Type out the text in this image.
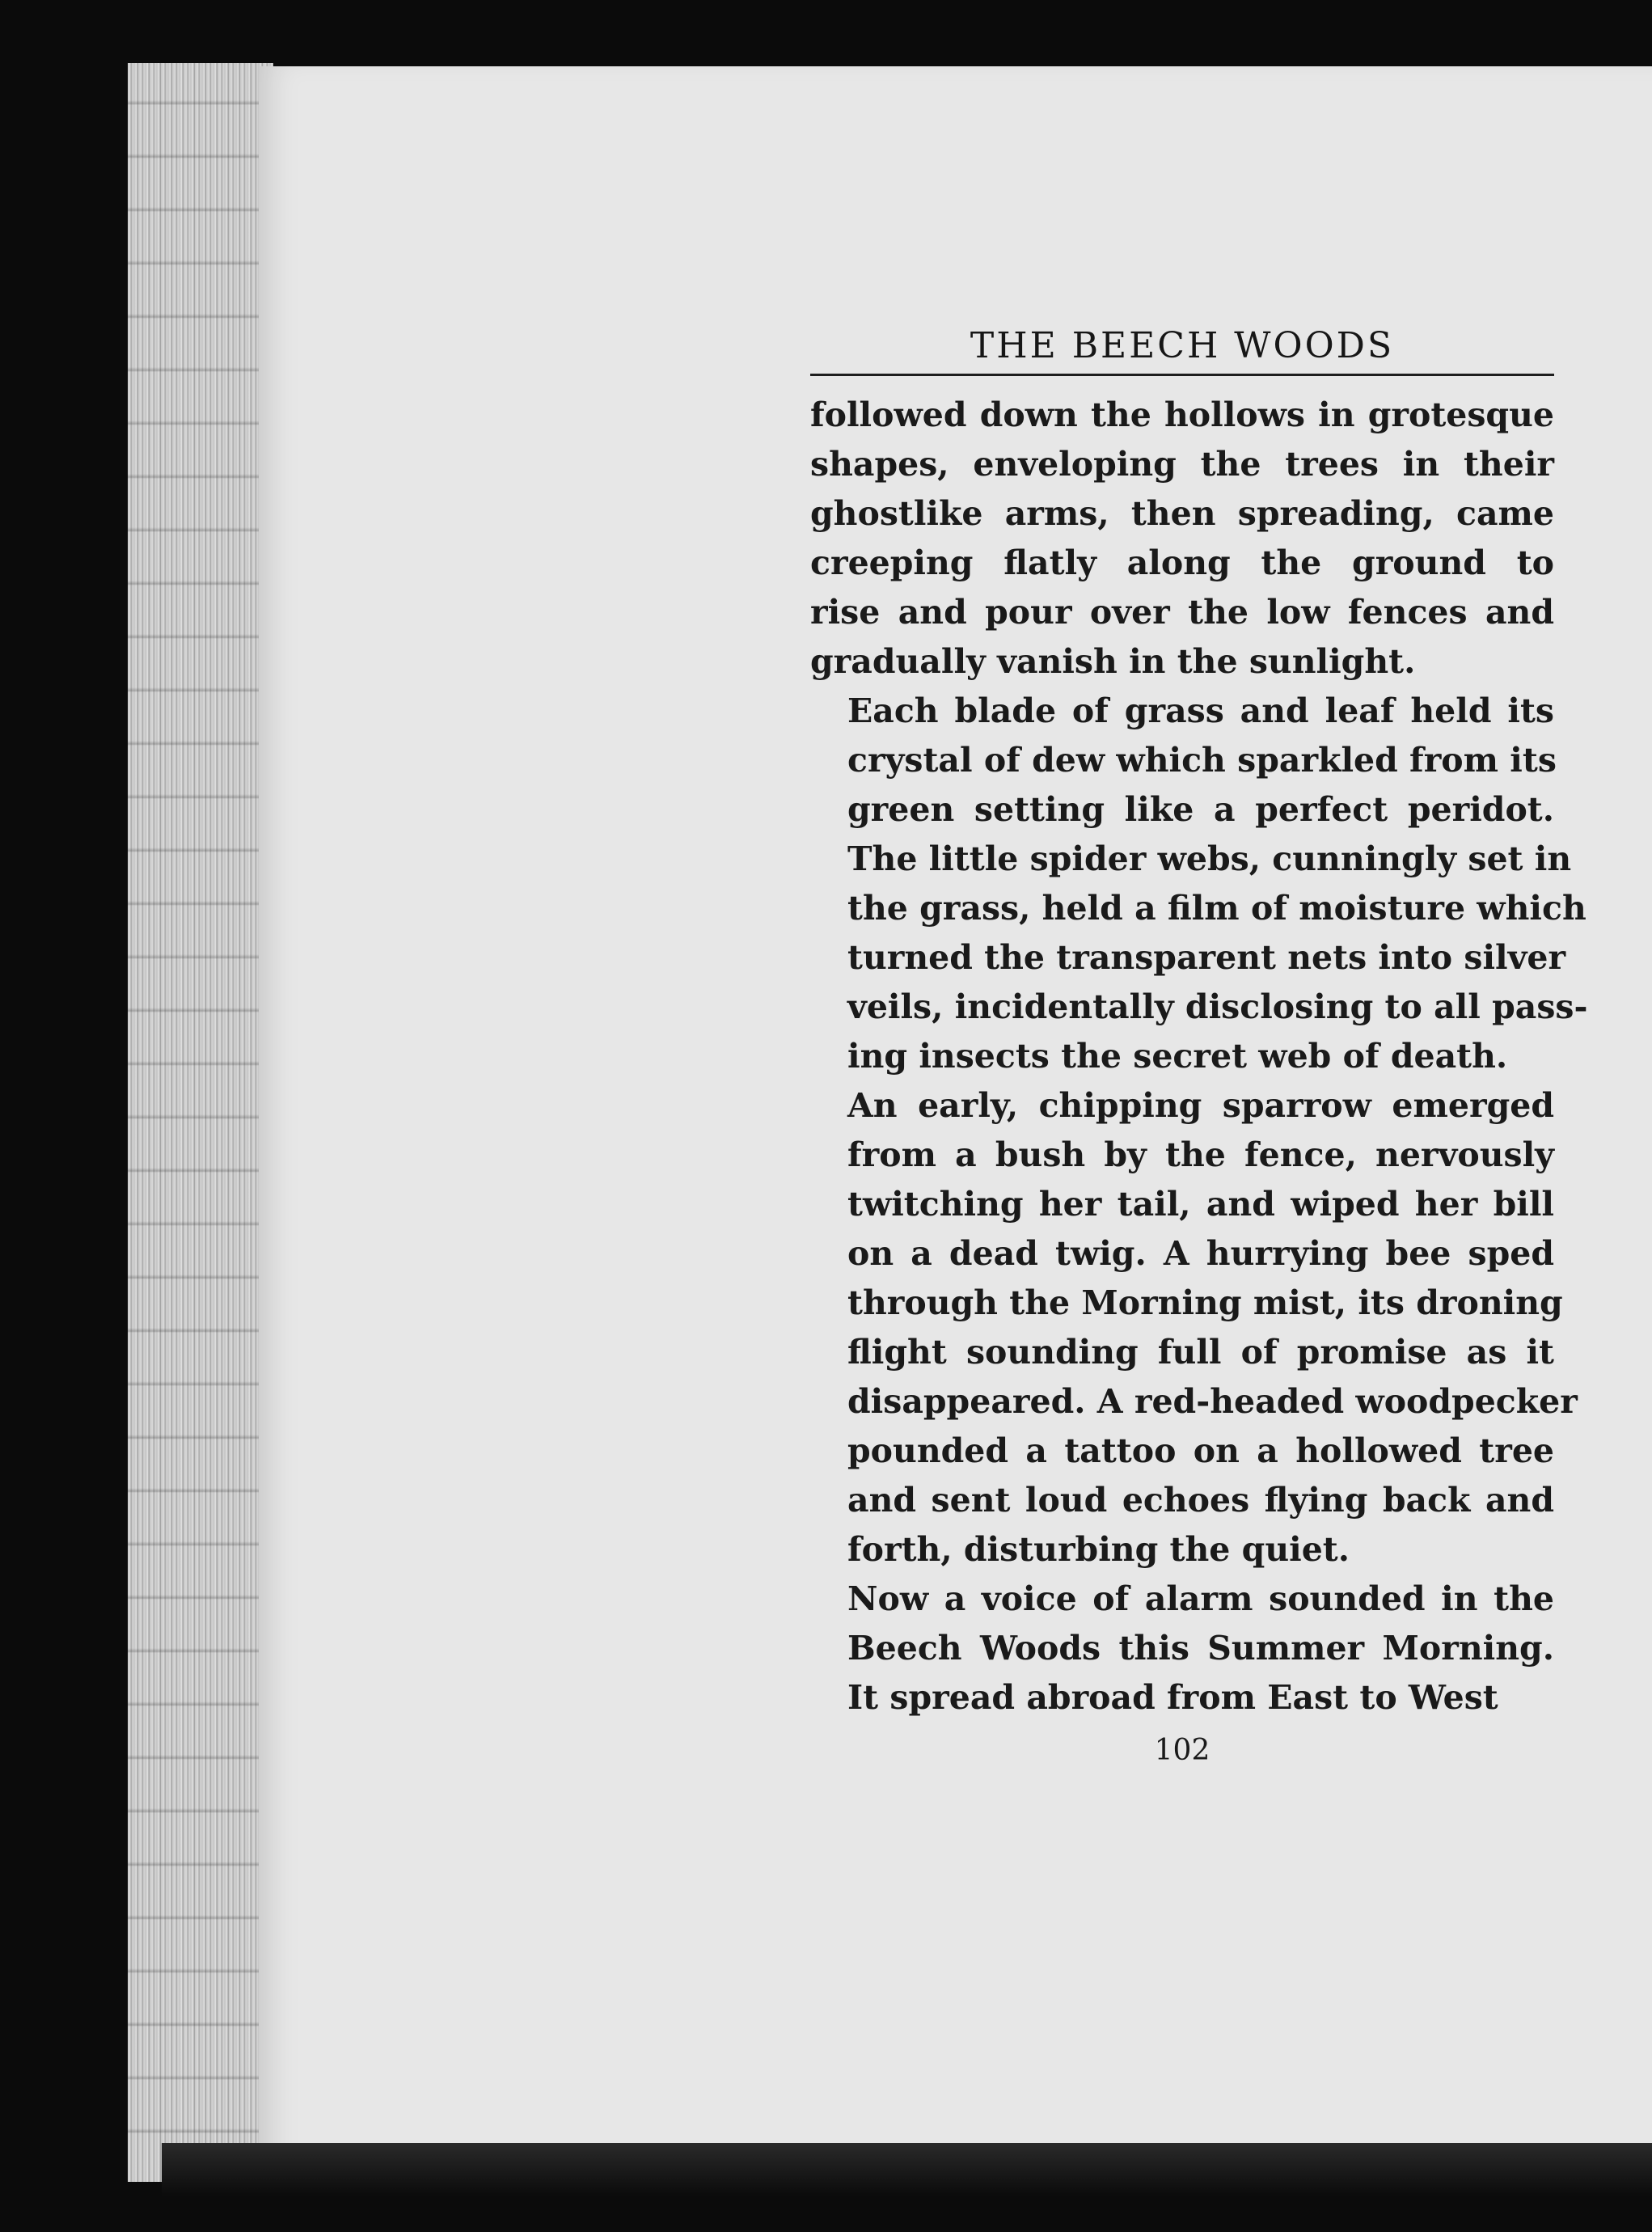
THE BEECH WOODS

followed down the hollows in grotesque
shapes, enveloping the trees in their
ghostlike arms, then spreading, came
creeping flatly along the ground to
rise and pour over the low fences and
gradually vanish in the sunlight.

Each blade of grass and leaf held its
crystal of dew which sparkled from its
green setting like a perfect peridot.
The little spider webs, cunningly set in
the grass, held a film of moisture which
turned the transparent nets into silver
veils, incidentally disclosing to all pass-
ing insects the secret web of death.

An early, chipping sparrow emerged
from a bush by the fence, nervously
twitching her tail, and wiped her bill
on a dead twig. A hurrying bee sped
through the Morning mist, its droning
flight sounding full of promise as it
disappeared. A red-headed woodpecker
pounded a tattoo on a hollowed tree
and sent loud echoes flying back and
forth, disturbing the quiet.

Now a voice of alarm sounded in the
Beech Woods this Summer Morning.
It spread abroad from East to West

102
